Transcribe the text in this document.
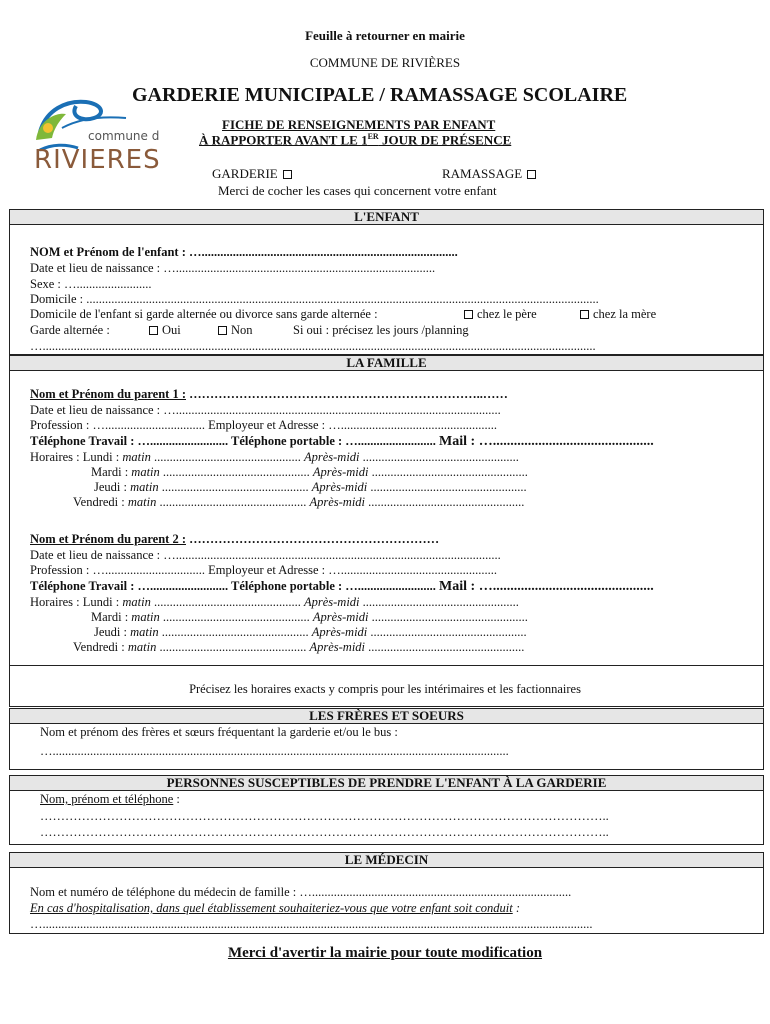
Feuille à retourner en mairie
COMMUNE DE RIVIÈRES
commune de
RIVIERES
GARDERIE MUNICIPALE / RAMASSAGE SCOLAIRE
FICHE DE RENSEIGNEMENTS PAR ENFANT
À RAPPORTER AVANT LE 1ER JOUR DE PRÉSENCE
GARDERIE	RAMASSAGE
Merci de cocher les cases qui concernent votre enfant
L'ENFANT
NOM et Prénom de l'enfant : …..................................................................................
Date et lieu de naissance : …...................................................................................
Sexe : …........................
Domicile : ....................................................................................................................................................................
Domicile de l'enfant si garde alternée ou divorce sans garde alternée :	chez le père	chez la mère
Garde alternée :	Oui	Non	Si oui : précisez les jours /planning
….................................................................................................................................................................................
LA FAMILLE
Nom et Prénom du parent 1 : ……………………………………………………………..……
Date et lieu de naissance : …........................................................................................................
Profession : …................................ Employeur et Adresse : …..................................................
Téléphone Travail : …......................... Téléphone portable : …......................... Mail : …..............................................
Horaires : Lundi : matin ............................................... Après-midi ..................................................
Mardi : matin ............................................... Après-midi ..................................................
Jeudi : matin ............................................... Après-midi ..................................................
Vendredi : matin ............................................... Après-midi ..................................................
Nom et Prénom du parent 2 : ……………………………………………………
Date et lieu de naissance : …........................................................................................................
Profession : …................................ Employeur et Adresse : …..................................................
Téléphone Travail : …......................... Téléphone portable : …......................... Mail : …..............................................
Horaires : Lundi : matin ............................................... Après-midi ..................................................
Mardi : matin ............................................... Après-midi ..................................................
Jeudi : matin ............................................... Après-midi ..................................................
Vendredi : matin ............................................... Après-midi ..................................................
Précisez les horaires exacts y compris pour les intérimaires et les factionnaires
LES FRÈRES ET SOEURS
Nom et prénom des frères et sœurs fréquentant la garderie et/ou le bus :
…..................................................................................................................................................
PERSONNES SUSCEPTIBLES DE PRENDRE L'ENFANT À LA GARDERIE
Nom, prénom et téléphone :
………………………………………………………………………………………………………………………..
………………………………………………………………………………………………………………………..
LE MÉDECIN
Nom et numéro de téléphone du médecin de famille : …...................................................................................
En cas d'hospitalisation, dans quel établissement souhaiteriez-vous que votre enfant soit conduit :
…................................................................................................................................................................................
Merci d'avertir la mairie pour toute modification
